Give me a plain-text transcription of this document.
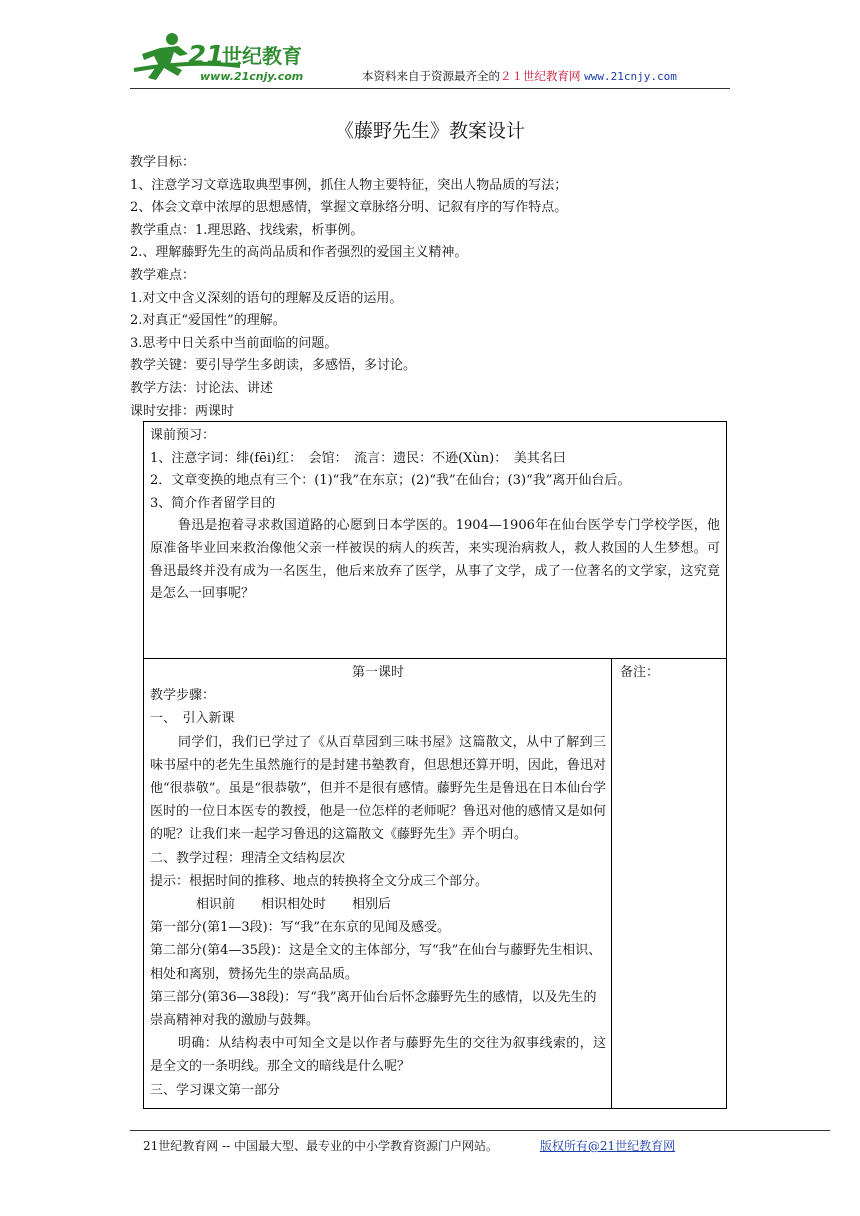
21
世纪教育
www.21cnjy.com	本资料来自于资源最齐全的２１世纪教育网 www.21cnjy.com
《藤野先生》教案设计

教学目标：

1、注意学习文章选取典型事例，抓住人物主要特征，突出人物品质的写法；

2、体会文章中浓厚的思想感情，掌握文章脉络分明、记叙有序的写作特点。

教学重点：1.理思路、找线索，析事例。

2.、理解藤野先生的高尚品质和作者强烈的爱国主义精神。

教学难点：

1.对文中含义深刻的语句的理解及反语的运用。

2.对真正“爱国性”的理解。

3.思考中日关系中当前面临的问题。

教学关键：要引导学生多朗读，多感悟，多讨论。

教学方法：讨论法、讲述

课时安排：两课时

课前预习：

1、注意字词：绯(fēi)红：　会馆：　流言：遗民：不逊(Xùn)：　美其名曰

2．文章变换的地点有三个：(1)“我”在东京；(2)“我”在仙台；(3)“我”离开仙台后。

3、简介作者留学目的

鲁迅是抱着寻求救国道路的心愿到日本学医的。1904—1906年在仙台医学专门学校学医，他原准备毕业回来救治像他父亲一样被误的病人的疾苦，来实现治病救人，救人救国的人生梦想。可鲁迅最终并没有成为一名医生，他后来放弃了医学，从事了文学，成了一位著名的文学家，这究竟是怎么一回事呢？

第一课时

教学步骤：

一、　引入新课

同学们，我们已学过了《从百草园到三味书屋》这篇散文，从中了解到三味书屋中的老先生虽然施行的是封建书塾教育，但思想还算开明，因此，鲁迅对他“很恭敬”。虽是“很恭敬”，但并不是很有感情。藤野先生是鲁迅在日本仙台学医时的一位日本医专的教授，他是一位怎样的老师呢？鲁迅对他的感情又是如何的呢？让我们来一起学习鲁迅的这篇散文《藤野先生》弄个明白。

二、教学过程：理清全文结构层次

提示：根据时间的推移、地点的转换将全文分成三个部分。

相识前　　相识相处时　　相别后

第一部分(第1—3段)：写“我”在东京的见闻及感受。

第二部分(第4—35段)：这是全文的主体部分，写“我”在仙台与藤野先生相识、相处和离别，赞扬先生的崇高品质。

第三部分(第36—38段)：写“我”离开仙台后怀念藤野先生的感情，以及先生的崇高精神对我的激励与鼓舞。

明确：从结构表中可知全文是以作者与藤野先生的交往为叙事线索的，这是全文的一条明线。那全文的暗线是什么呢？

三、学习课文第一部分

备注：
21世纪教育网 -- 中国最大型、最专业的中小学教育资源门户网站。	版权所有@21世纪教育网
